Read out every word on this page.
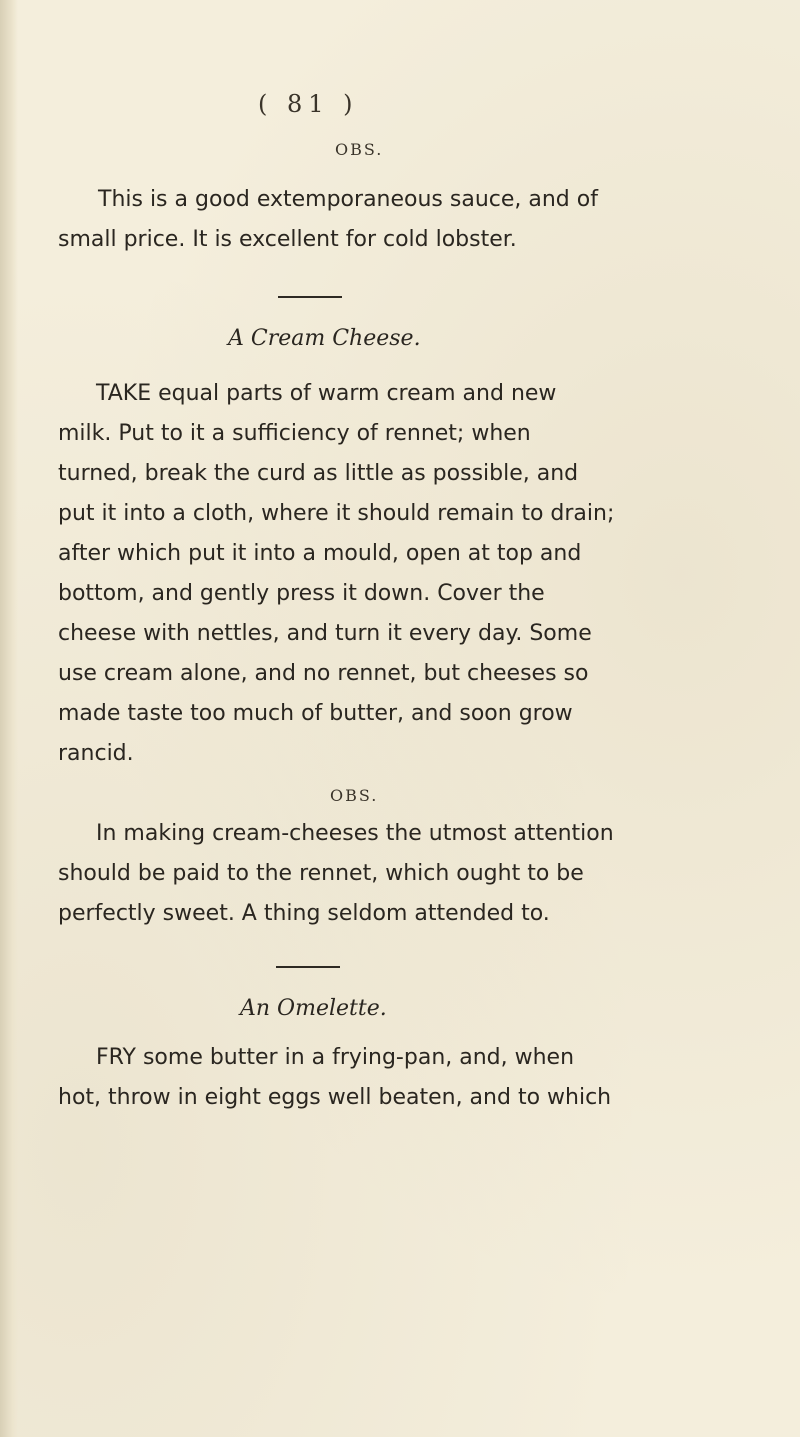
( 81 )
OBS.
This is a good extemporaneous sauce, and of
small price. It is excellent for cold lobster.
A Cream Cheese.
TAKE equal parts of warm cream and new
milk. Put to it a sufficiency of rennet; when
turned, break the curd as little as possible, and
put it into a cloth, where it should remain to drain;
after which put it into a mould, open at top and
bottom, and gently press it down. Cover the
cheese with nettles, and turn it every day. Some
use cream alone, and no rennet, but cheeses so
made taste too much of butter, and soon grow
rancid.
OBS.
In making cream-cheeses the utmost attention
should be paid to the rennet, which ought to be
perfectly sweet. A thing seldom attended to.
An Omelette.
FRY some butter in a frying-pan, and, when
hot, throw in eight eggs well beaten, and to which
